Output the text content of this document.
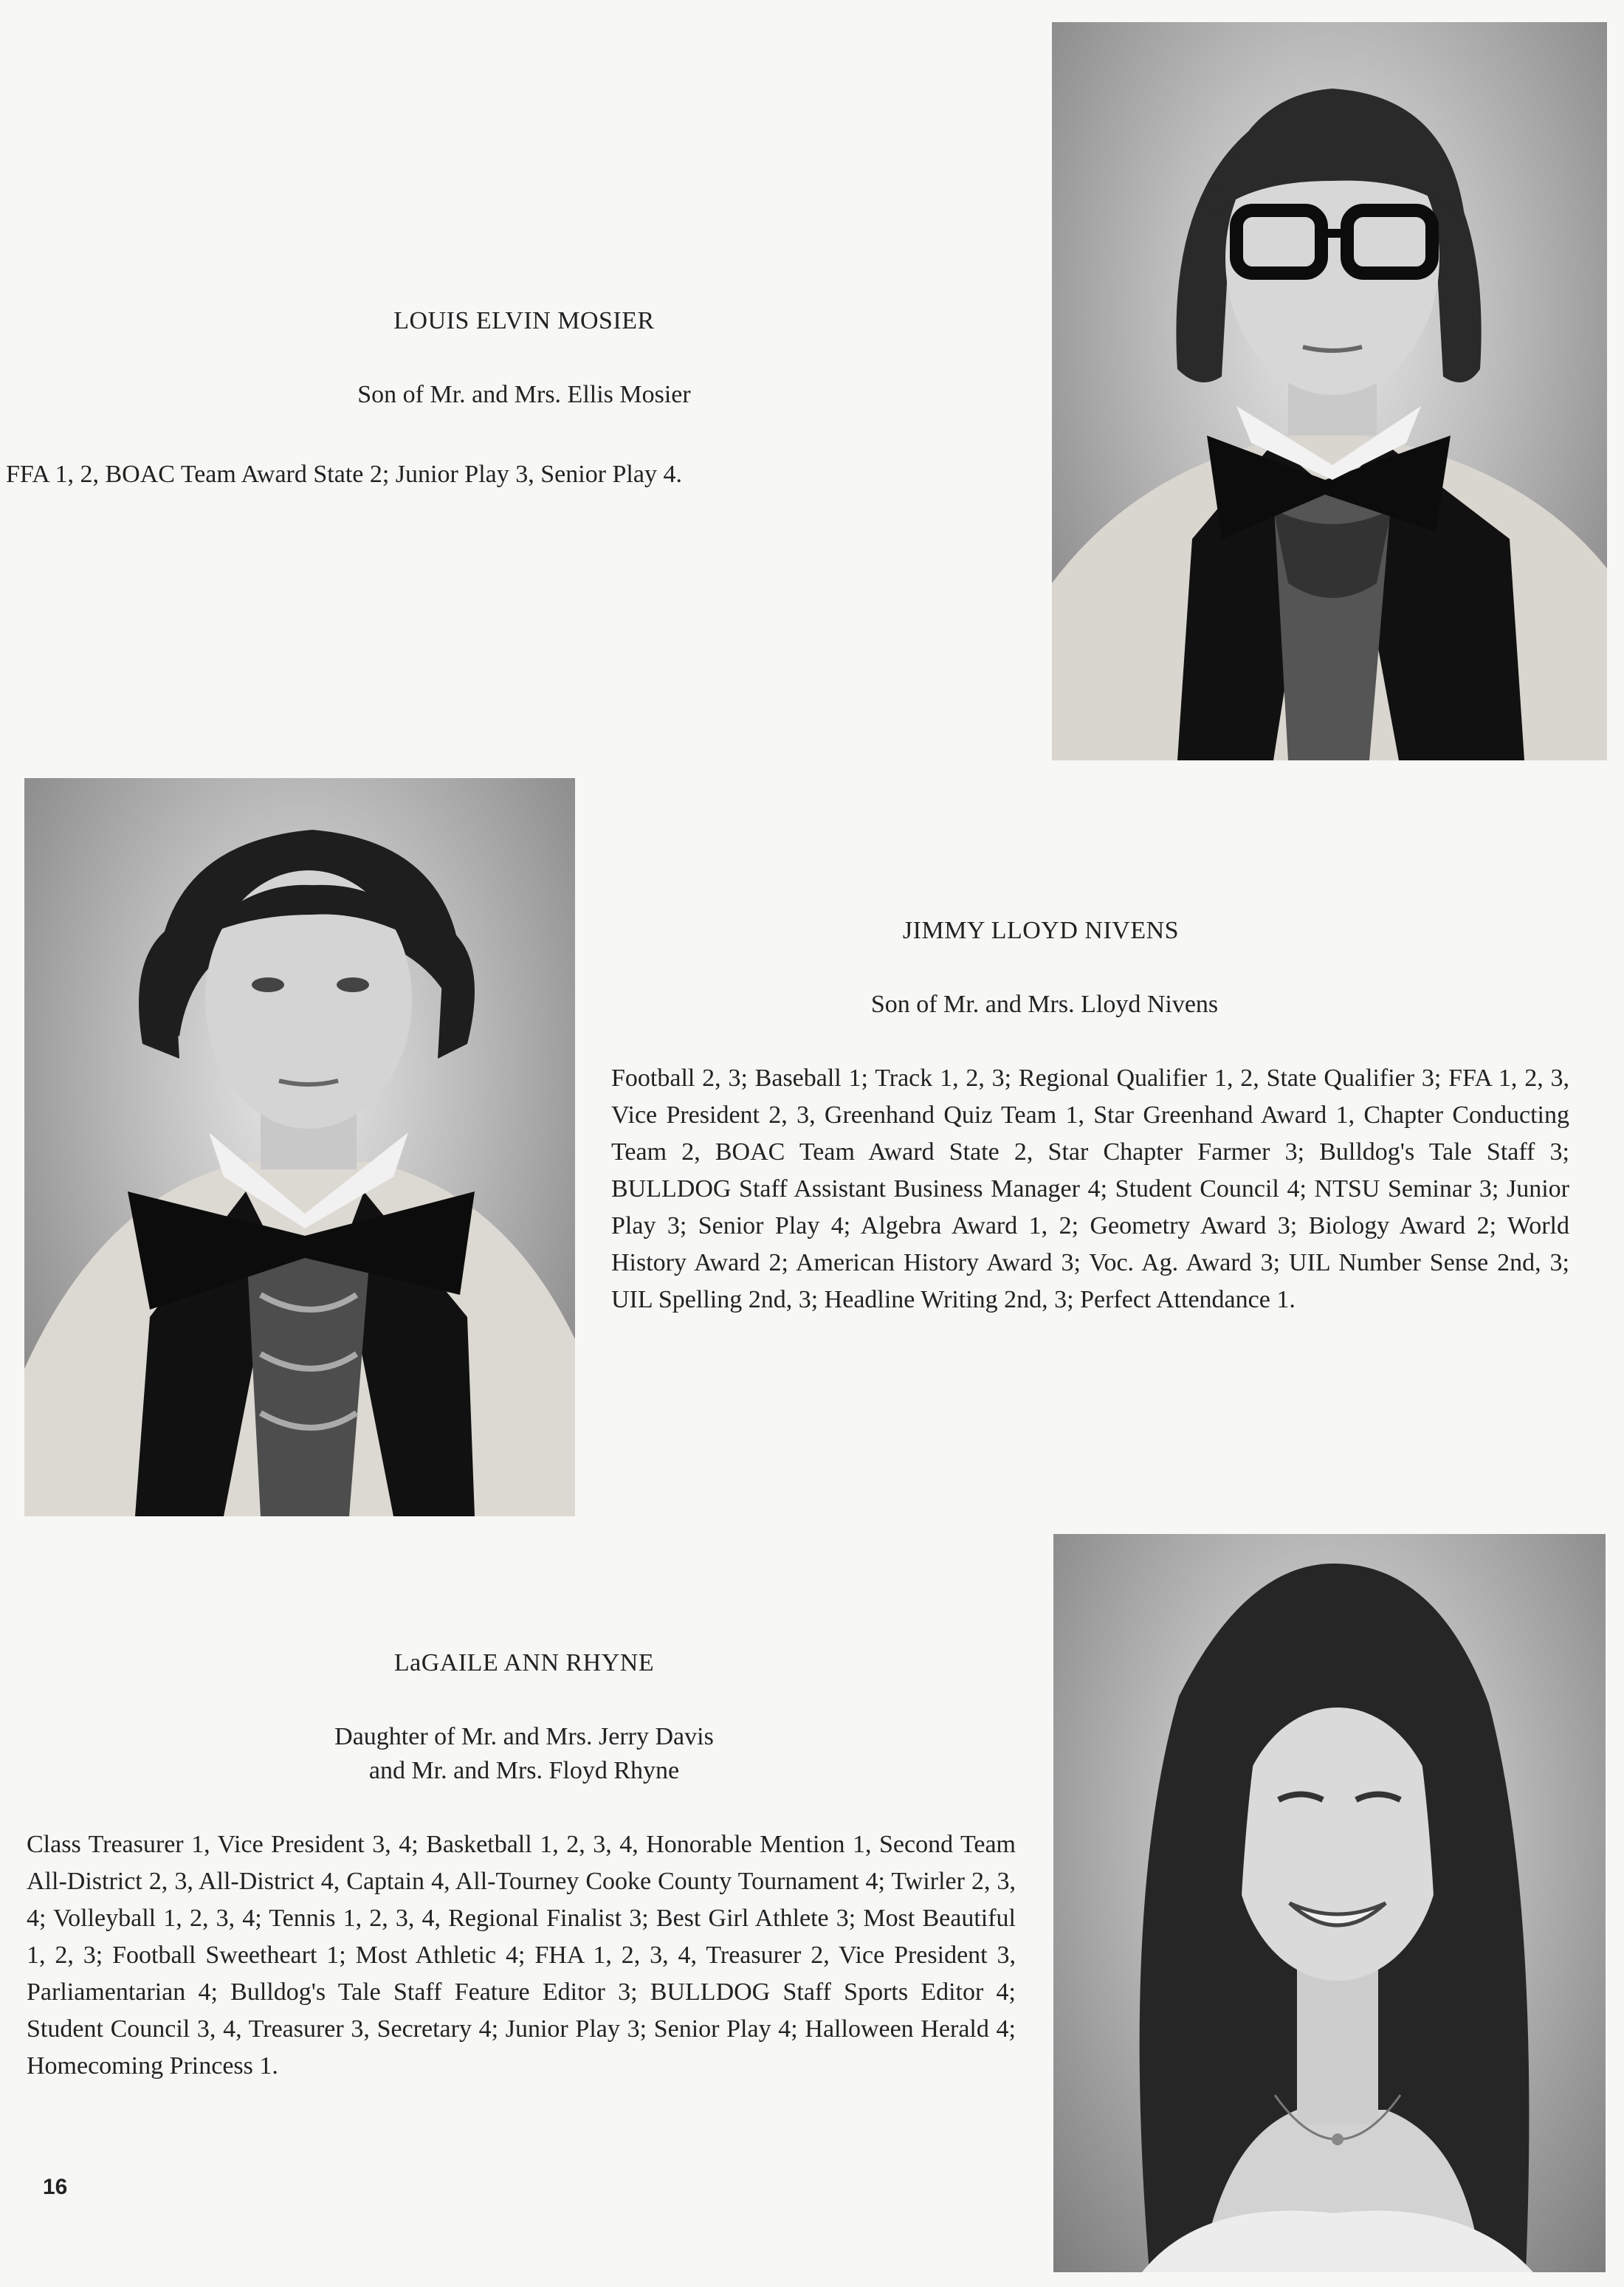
LOUIS ELVIN MOSIER
Son of Mr. and Mrs. Ellis Mosier
FFA 1, 2, BOAC Team Award State 2; Junior Play 3, Senior Play 4.
JIMMY LLOYD NIVENS
Son of Mr. and Mrs. Lloyd Nivens
Football 2, 3; Baseball 1; Track 1, 2, 3; Regional Qualifier 1, 2, State Qualifier 3; FFA 1, 2, 3, Vice President 2, 3, Greenhand Quiz Team 1, Star Greenhand Award 1, Chapter Conducting Team 2, BOAC Team Award State 2, Star Chapter Farmer 3; Bulldog's Tale Staff 3; BULLDOG Staff Assistant Business Manager 4; Student Council 4; NTSU Seminar 3; Junior Play 3; Senior Play 4; Algebra Award 1, 2; Geometry Award 3; Biology Award 2; World History Award 2; American History Award 3; Voc. Ag. Award 3; UIL Number Sense 2nd, 3; UIL Spelling 2nd, 3; Headline Writing 2nd, 3; Perfect Attendance 1.
LaGAILE ANN RHYNE
Daughter of Mr. and Mrs. Jerry Davis
and Mr. and Mrs. Floyd Rhyne
Class Treasurer 1, Vice President 3, 4; Basketball 1, 2, 3, 4, Honorable Mention 1, Second Team All-District 2, 3, All-District 4, Captain 4, All-Tourney Cooke County Tournament 4; Twirler 2, 3, 4; Volleyball 1, 2, 3, 4; Tennis 1, 2, 3, 4, Regional Finalist 3; Best Girl Athlete 3; Most Beautiful 1, 2, 3; Football Sweetheart 1; Most Athletic 4; FHA 1, 2, 3, 4, Treasurer 2, Vice President 3, Parliamentarian 4; Bulldog's Tale Staff Feature Editor 3; BULLDOG Staff Sports Editor 4; Student Council 3, 4, Treasurer 3, Secretary 4; Junior Play 3; Senior Play 4; Halloween Herald 4; Homecoming Princess 1.
16
